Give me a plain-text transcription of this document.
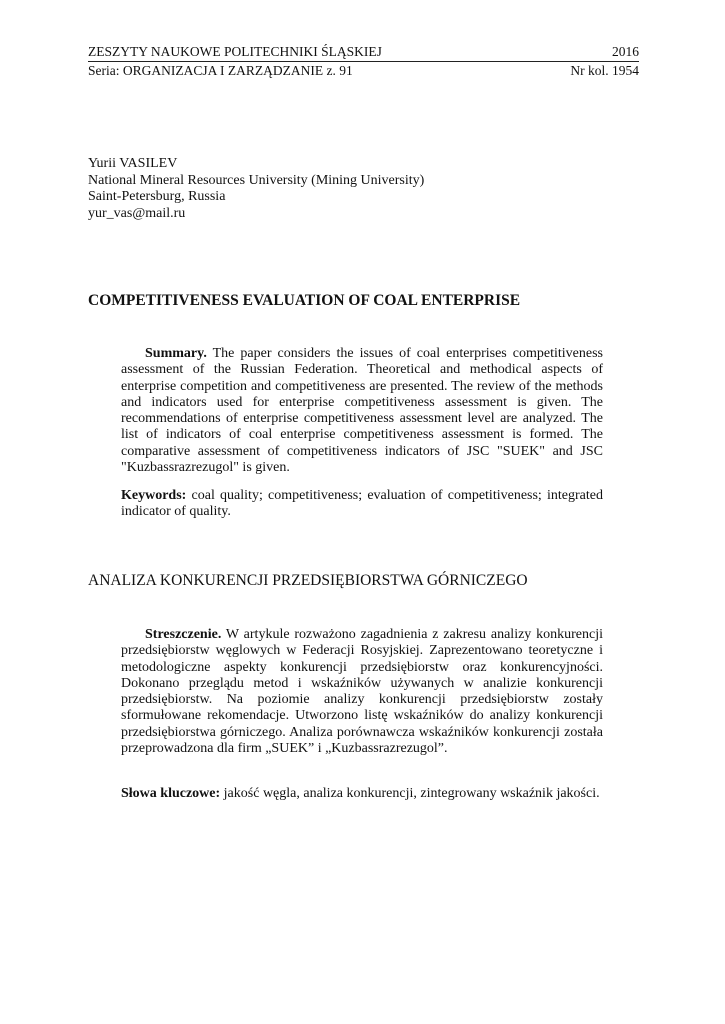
ZESZYTY NAUKOWE POLITECHNIKI ŚLĄSKIEJ	2016
Seria: ORGANIZACJA I ZARZĄDZANIE z. 91	Nr kol. 1954
Yurii VASILEV
National Mineral Resources University (Mining University)
Saint-Petersburg, Russia
yur_vas@mail.ru
COMPETITIVENESS EVALUATION OF COAL ENTERPRISE

Summary. The paper considers the issues of coal enterprises competitiveness assessment of the Russian Federation. Theoretical and methodical aspects of enterprise competition and competitiveness are presented. The review of the methods and indicators used for enterprise competitiveness assessment is given. The recommendations of enterprise competitiveness assessment level are analyzed. The list of indicators of coal enterprise competitiveness assessment is formed. The comparative assessment of competitiveness indicators of JSC "SUEK" and JSC "Kuzbassrazrezugol" is given.

Keywords: coal quality; competitiveness; evaluation of competitiveness; integrated indicator of quality.

ANALIZA KONKURENCJI PRZEDSIĘBIORSTWA GÓRNICZEGO

Streszczenie. W artykule rozważono zagadnienia z zakresu analizy konkurencji przedsiębiorstw węglowych w Federacji Rosyjskiej. Zaprezentowano teoretyczne i metodologiczne aspekty konkurencji przedsiębiorstw oraz konkurencyjności. Dokonano przeglądu metod i wskaźników używanych w analizie konkurencji przedsiębiorstw. Na poziomie analizy konkurencji przedsiębiorstw zostały sformułowane rekomendacje. Utworzono listę wskaźników do analizy konkurencji przedsiębiorstwa górniczego. Analiza porównawcza wskaźników konkurencji została przeprowadzona dla firm „SUEK” i „Kuzbassrazrezugol”.

Słowa kluczowe: jakość węgla, analiza konkurencji, zintegrowany wskaźnik jakości.
